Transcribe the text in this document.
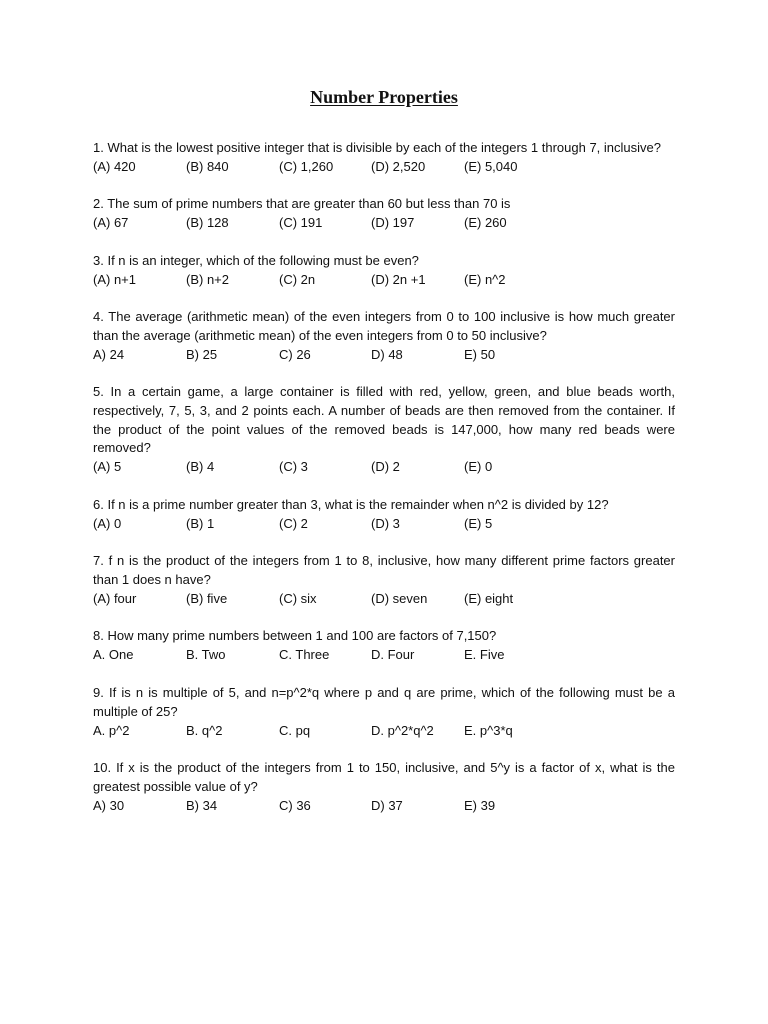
Number Properties

1. What is the lowest positive integer that is divisible by each of the integers 1 through 7, inclusive?

(A) 420	(B) 840	(C) 1,260	(D) 2,520	(E) 5,040

2. The sum of prime numbers that are greater than 60 but less than 70 is

(A) 67	(B) 128	(C) 191	(D) 197	(E) 260

3. If n is an integer, which of the following must be even?

(A) n+1	(B) n+2	(C) 2n	(D) 2n +1	(E) n^2

4. The average (arithmetic mean) of the even integers from 0 to 100 inclusive is how much greater than the average (arithmetic mean) of the even integers from 0 to 50 inclusive?

A) 24	B) 25	C) 26	D) 48	E) 50

5. In a certain game, a large container is filled with red, yellow, green, and blue beads worth, respectively, 7, 5, 3, and 2 points each. A number of beads are then removed from the container. If the product of the point values of the removed beads is 147,000, how many red beads were removed?

(A) 5	(B) 4	(C) 3	(D) 2	(E) 0

6. If n is a prime number greater than 3, what is the remainder when n^2 is divided by 12?

(A) 0	(B) 1	(C) 2	(D) 3	(E) 5

7. f n is the product of the integers from 1 to 8, inclusive, how many different prime factors greater than 1 does n have?

(A) four	(B) five	(C) six	(D) seven	(E) eight

8. How many prime numbers between 1 and 100 are factors of 7,150?

A. One	B. Two	C. Three	D. Four	E. Five

9. If is n is multiple of 5, and n=p^2*q where p and q are prime, which of the following must be a multiple of 25?

A. p^2	B. q^2	C. pq	D. p^2*q^2 E. p^3*q

10. If x is the product of the integers from 1 to 150, inclusive, and 5^y is a factor of x, what is the greatest possible value of y?

A) 30	B) 34	C) 36	D) 37	E) 39
